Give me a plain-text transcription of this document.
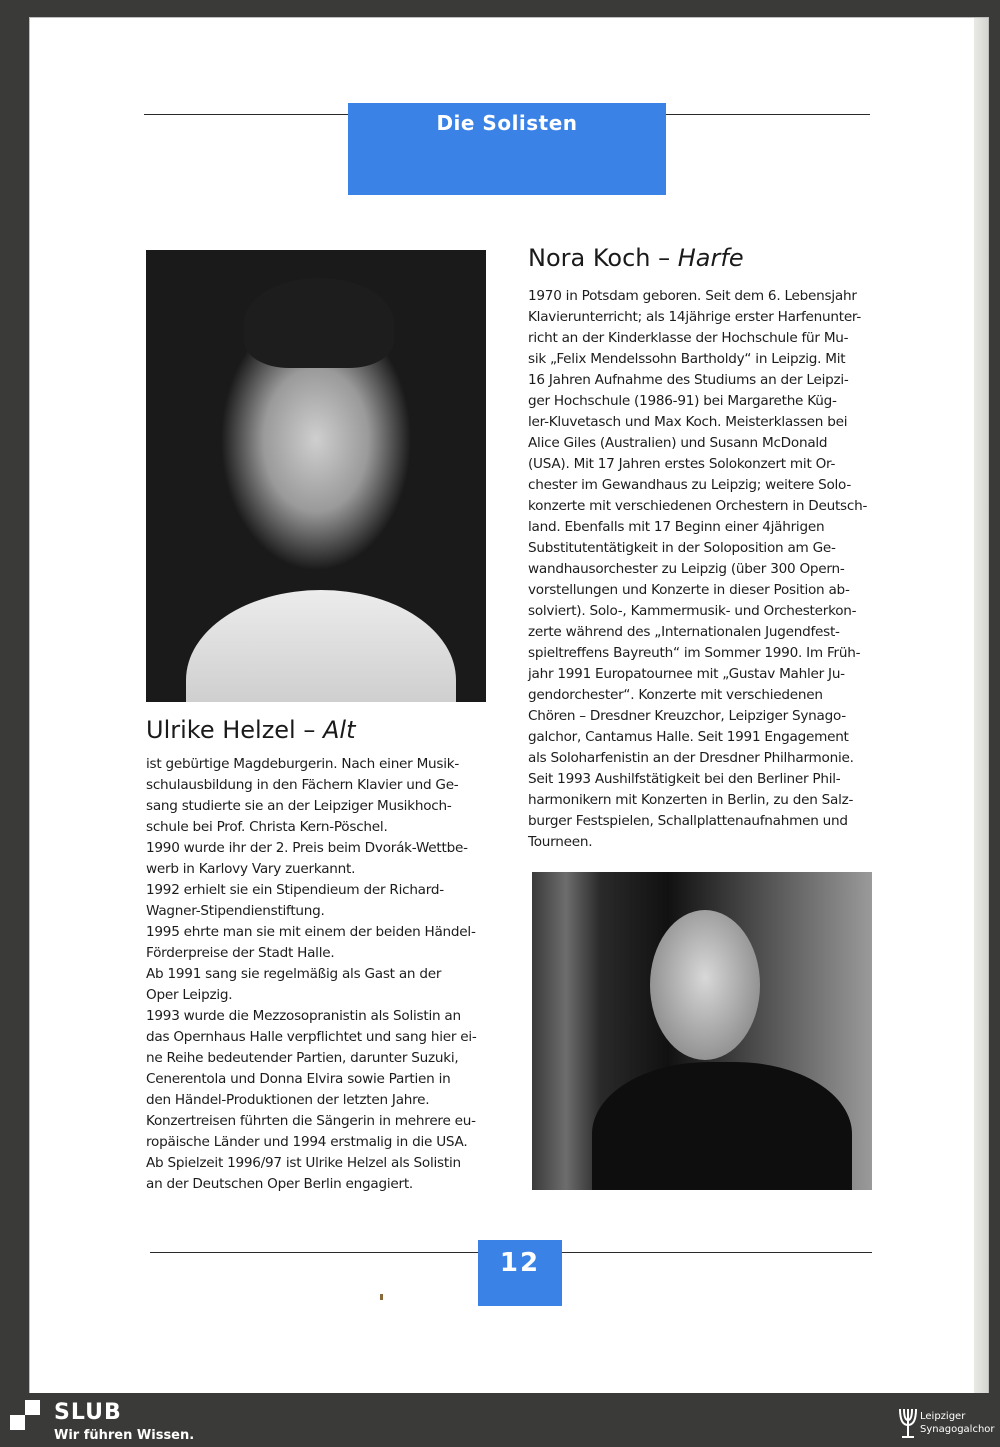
Die Solisten
Nora Koch – Harfe
1970 in Potsdam geboren. Seit dem 6. Lebensjahr
Klavierunterricht; als 14jährige erster Harfenunter-
richt an der Kinderklasse der Hochschule für Mu-
sik „Felix Mendelssohn Bartholdy“ in Leipzig. Mit
16 Jahren Aufnahme des Studiums an der Leipzi-
ger Hochschule (1986-91) bei Margarethe Küg-
ler-Kluvetasch und Max Koch. Meisterklassen bei
Alice Giles (Australien) und Susann McDonald
(USA). Mit 17 Jahren erstes Solokonzert mit Or-
chester im Gewandhaus zu Leipzig; weitere Solo-
konzerte mit verschiedenen Orchestern in Deutsch-
land. Ebenfalls mit 17 Beginn einer 4jährigen
Substitutentätigkeit in der Soloposition am Ge-
wandhausorchester zu Leipzig (über 300 Opern-
vorstellungen und Konzerte in dieser Position ab-
solviert). Solo-, Kammermusik- und Orchesterkon-
zerte während des „Internationalen Jugendfest-
spieltreffens Bayreuth“ im Sommer 1990. Im Früh-
jahr 1991 Europatournee mit „Gustav Mahler Ju-
gendorchester“. Konzerte mit verschiedenen
Chören – Dresdner Kreuzchor, Leipziger Synago-
galchor, Cantamus Halle. Seit 1991 Engagement
als Soloharfenistin an der Dresdner Philharmonie.
Seit 1993 Aushilfstätigkeit bei den Berliner Phil-
harmonikern mit Konzerten in Berlin, zu den Salz-
burger Festspielen, Schallplattenaufnahmen und
Tourneen.
Ulrike Helzel – Alt
ist gebürtige Magdeburgerin. Nach einer Musik-
schulausbildung in den Fächern Klavier und Ge-
sang studierte sie an der Leipziger Musikhoch-
schule bei Prof. Christa Kern-Pöschel.
1990 wurde ihr der 2. Preis beim Dvorák-Wettbe-
werb in Karlovy Vary zuerkannt.
1992 erhielt sie ein Stipendieum der Richard-
Wagner-Stipendienstiftung.
1995 ehrte man sie mit einem der beiden Händel-
Förderpreise der Stadt Halle.
Ab 1991 sang sie regelmäßig als Gast an der
Oper Leipzig.
1993 wurde die Mezzosopranistin als Solistin an
das Opernhaus Halle verpflichtet und sang hier ei-
ne Reihe bedeutender Partien, darunter Suzuki,
Cenerentola und Donna Elvira sowie Partien in
den Händel-Produktionen der letzten Jahre.
Konzertreisen führten die Sängerin in mehrere eu-
ropäische Länder und 1994 erstmalig in die USA.
Ab Spielzeit 1996/97 ist Ulrike Helzel als Solistin
an der Deutschen Oper Berlin engagiert.
12
SLUB
Wir führen Wissen.
Leipziger
Synagogalchor
